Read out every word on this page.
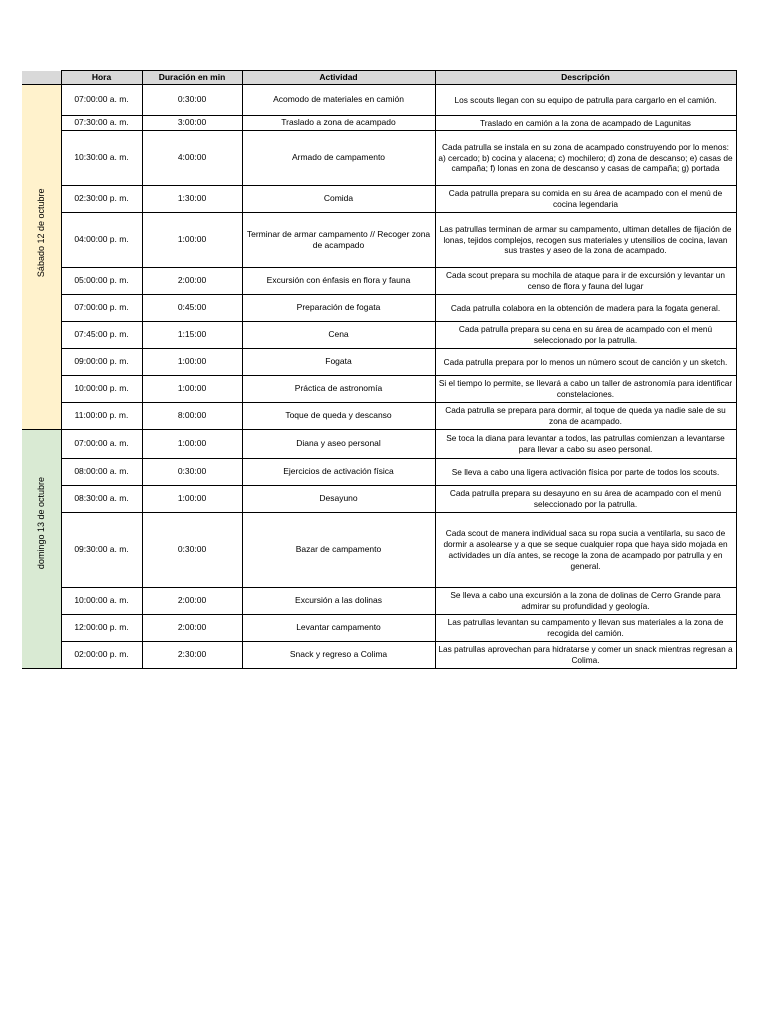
	Hora	Duración en min	Actividad	Descripción

Sábado 12 de octubre	07:00:00 a. m.	0:30:00	Acomodo de materiales en camión	Los scouts llegan con su equipo de patrulla para cargarlo en el camión.
	07:30:00 a. m.	3:00:00	Traslado a zona de acampado	Traslado en camión a la zona de acampado de Lagunitas
	10:30:00 a. m.	4:00:00	Armado de campamento	Cada patrulla se instala en su zona de acampado construyendo por lo menos: a) cercado; b) cocina y alacena; c) mochilero; d) zona de descanso; e) casas de campaña; f) lonas en zona de descanso y casas de campaña; g) portada
	02:30:00 p. m.	1:30:00	Comida	Cada patrulla prepara su comida en su área de acampado con el menú de cocina legendaria
	04:00:00 p. m.	1:00:00	Terminar de armar campamento // Recoger zona de acampado	Las patrullas terminan de armar su campamento, ultiman detalles de fijación de lonas, tejidos complejos, recogen sus materiales y utensilios de cocina, lavan sus trastes y aseo de la zona de acampado.
	05:00:00 p. m.	2:00:00	Excursión con énfasis en flora y fauna	Cada scout prepara su mochila de ataque para ir de excursión y levantar un censo de flora y fauna del lugar
	07:00:00 p. m.	0:45:00	Preparación de fogata	Cada patrulla colabora en la obtención de madera para la fogata general.
	07:45:00 p. m.	1:15:00	Cena	Cada patrulla prepara su cena en su área de acampado con el menú seleccionado por la patrulla.
	09:00:00 p. m.	1:00:00	Fogata	Cada patrulla prepara por lo menos un número scout de canción y un sketch.
	10:00:00 p. m.	1:00:00	Práctica de astronomía	Si el tiempo lo permite, se llevará a cabo un taller de astronomía para identificar constelaciones.
	11:00:00 p. m.	8:00:00	Toque de queda y descanso	Cada patrulla se prepara para dormir, al toque de queda ya nadie sale de su zona de acampado.

domingo 13 de octubre	07:00:00 a. m.	1:00:00	Diana y aseo personal	Se toca la diana para levantar a todos, las patrullas comienzan a levantarse para llevar a cabo su aseo personal.
	08:00:00 a. m.	0:30:00	Ejercicios de activación física	Se lleva a cabo una ligera activación física por parte de todos los scouts.
	08:30:00 a. m.	1:00:00	Desayuno	Cada patrulla prepara su desayuno en su área de acampado con el menú seleccionado por la patrulla.
	09:30:00 a. m.	0:30:00	Bazar de campamento	Cada scout de manera individual saca su ropa sucia a ventilarla, su saco de dormir a asolearse y a que se seque cualquier ropa que haya sido mojada en actividades un día antes, se recoge la zona de acampado por patrulla y en general.
	10:00:00 a. m.	2:00:00	Excursión a las dolinas	Se lleva a cabo una excursión a la zona de dolinas de Cerro Grande para admirar su profundidad y geología.
	12:00:00 p. m.	2:00:00	Levantar campamento	Las patrullas levantan su campamento y llevan sus materiales a la zona de recogida del camión.
	02:00:00 p. m.	2:30:00	Snack y regreso a Colima	Las patrullas aprovechan para hidratarse y comer un snack mientras regresan a Colima.
